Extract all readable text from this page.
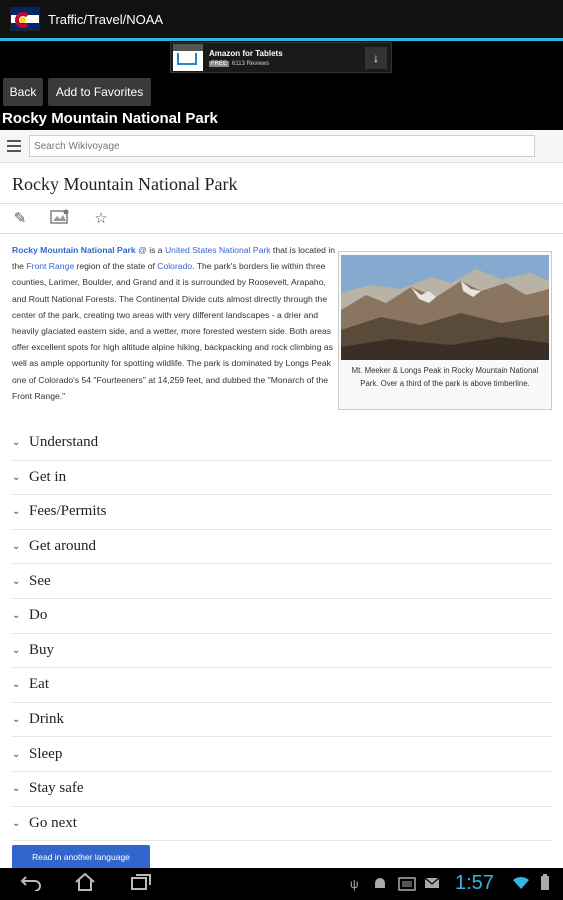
Traffic/Travel/NOAA
Amazon for Tablets
FREE 6113 Reviews	↓
Back	Add to Favorites
Rocky Mountain National Park
Search Wikivoyage
Rocky Mountain National Park
✎	☆
Rocky Mountain National Park @ is a United States National Park that is located in the Front Range region of the state of Colorado. The park's borders lie within three counties, Larimer, Boulder, and Grand and it is surrounded by Roosevelt, Arapaho, and Routt National Forests. The Continental Divide cuts almost directly through the center of the park, creating two areas with very different landscapes - a drier and heavily glaciated eastern side, and a wetter, more forested western side. Both areas offer excellent spots for high altitude alpine hiking, backpacking and rock climbing as well as ample opportunity for spotting wildlife. The park is dominated by Longs Peak one of Colorado's 54 "Fourteeners" at 14,259 feet, and dubbed the "Monarch of the Front Range."
Mt. Meeker & Longs Peak in Rocky Mountain National Park. Over a third of the park is above timberline.
⌄ Understand
⌄ Get in
⌄ Fees/Permits
⌄ Get around
⌄ See
⌄ Do
⌄ Buy
⌄ Eat
⌄ Drink
⌄ Sleep
⌄ Stay safe
⌄ Go next
Read in another language
ψ	1:57
